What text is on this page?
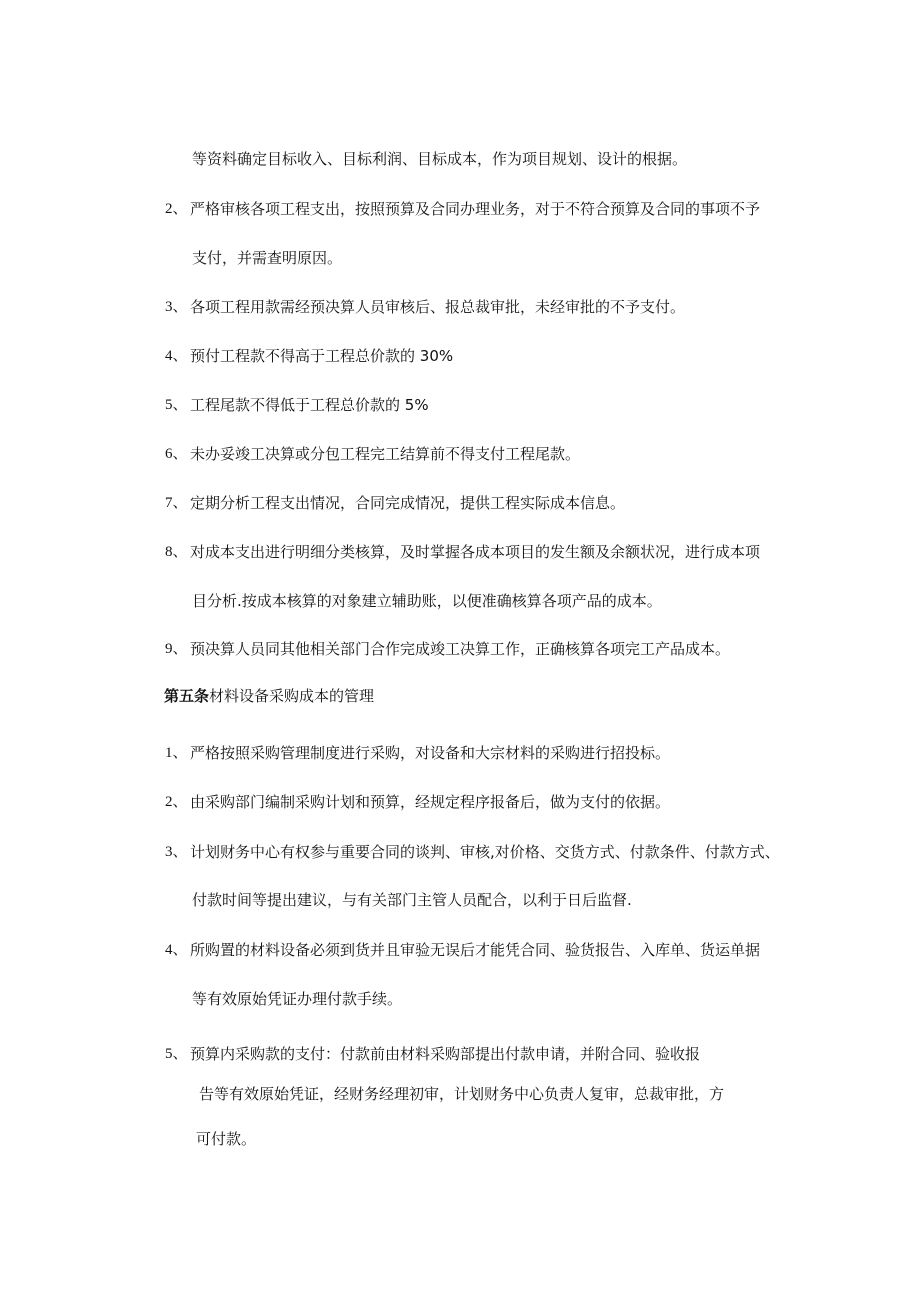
等资料确定目标收入、目标利润、目标成本，作为项目规划、设计的根据。
2、 严格审核各项工程支出，按照预算及合同办理业务，对于不符合预算及合同的事项不予
支付，并需查明原因。
3、 各项工程用款需经预决算人员审核后、报总裁审批，未经审批的不予支付。
4、 预付工程款不得高于工程总价款的 30%
5、 工程尾款不得低于工程总价款的 5%
6、 未办妥竣工决算或分包工程完工结算前不得支付工程尾款。
7、 定期分析工程支出情况，合同完成情况，提供工程实际成本信息。
8、 对成本支出进行明细分类核算，及时掌握各成本项目的发生额及余额状况，进行成本项
目分析.按成本核算的对象建立辅助账，以便准确核算各项产品的成本。
9、 预决算人员同其他相关部门合作完成竣工决算工作，正确核算各项完工产品成本。
第五条材料设备采购成本的管理
1、 严格按照采购管理制度进行采购，对设备和大宗材料的采购进行招投标。
2、 由采购部门编制采购计划和预算，经规定程序报备后，做为支付的依据。
3、 计划财务中心有权参与重要合同的谈判、审核,对价格、交货方式、付款条件、付款方式、
付款时间等提出建议，与有关部门主管人员配合，以利于日后监督.
4、 所购置的材料设备必须到货并且审验无误后才能凭合同、验货报告、入库单、货运单据
等有效原始凭证办理付款手续。
5、 预算内采购款的支付：付款前由材料采购部提出付款申请，并附合同、验收报
告等有效原始凭证，经财务经理初审，计划财务中心负责人复审，总裁审批，方
可付款。
